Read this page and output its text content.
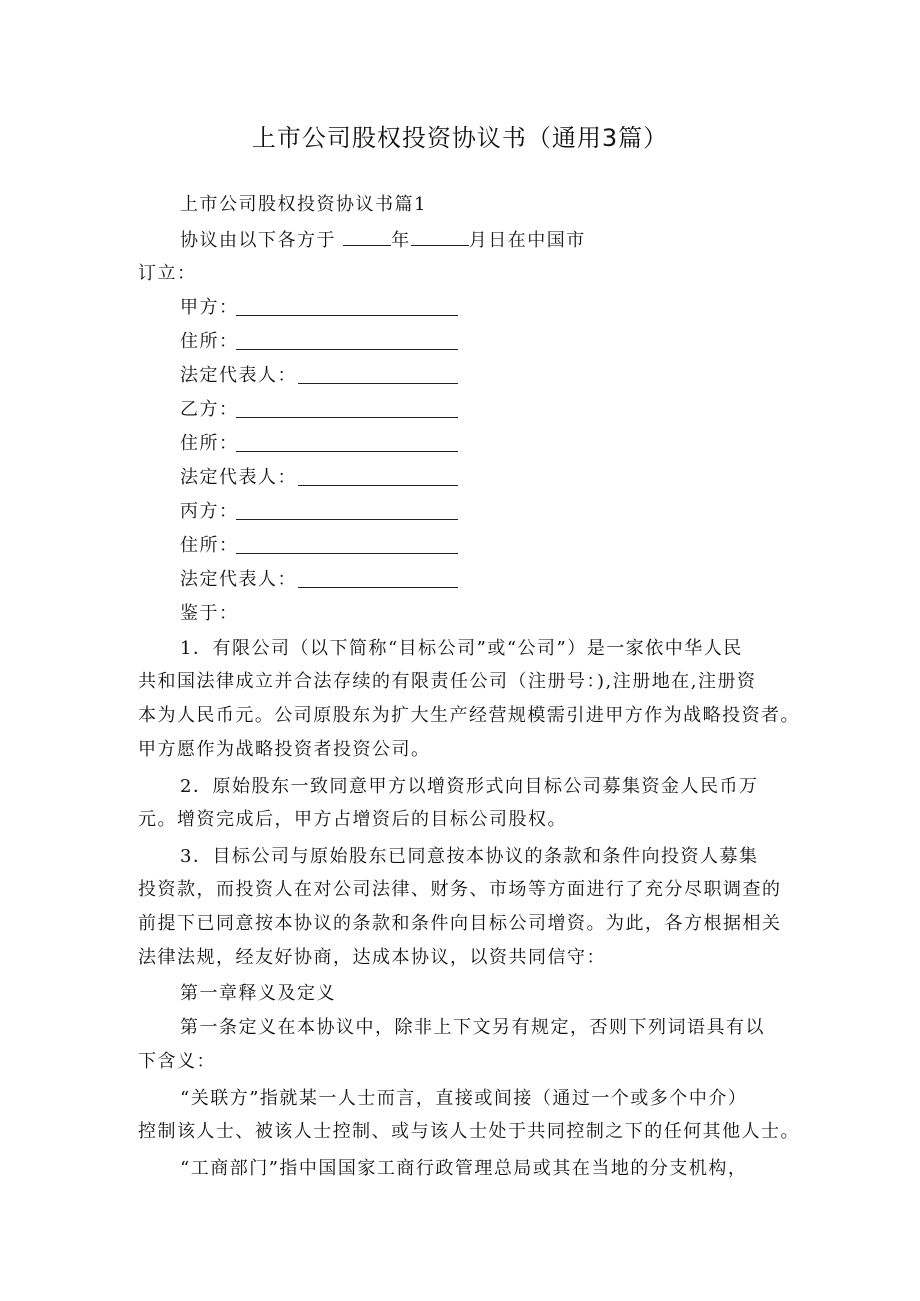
上市公司股权投资协议书（通用3篇）
上市公司股权投资协议书篇1
协议由以下各方于	年	月日在中国市
订立：
甲方：
住所：
法定代表人：
乙方：
住所：
法定代表人：
丙方：
住所：
法定代表人：
鉴于：
1．有限公司（以下简称“目标公司”或“公司”）是一家依中华人民
共和国法律成立并合法存续的有限责任公司（注册号：),注册地在,注册资
本为人民币元。公司原股东为扩大生产经营规模需引进甲方作为战略投资者。
甲方愿作为战略投资者投资公司。
2．原始股东一致同意甲方以增资形式向目标公司募集资金人民币万
元。增资完成后，甲方占增资后的目标公司股权。
3．目标公司与原始股东已同意按本协议的条款和条件向投资人募集
投资款，而投资人在对公司法律、财务、市场等方面进行了充分尽职调查的
前提下已同意按本协议的条款和条件向目标公司增资。为此，各方根据相关
法律法规，经友好协商，达成本协议，以资共同信守：
第一章释义及定义
第一条定义在本协议中，除非上下文另有规定，否则下列词语具有以
下含义：
“关联方”指就某一人士而言，直接或间接（通过一个或多个中介）
控制该人士、被该人士控制、或与该人士处于共同控制之下的任何其他人士。
“工商部门”指中国国家工商行政管理总局或其在当地的分支机构，
